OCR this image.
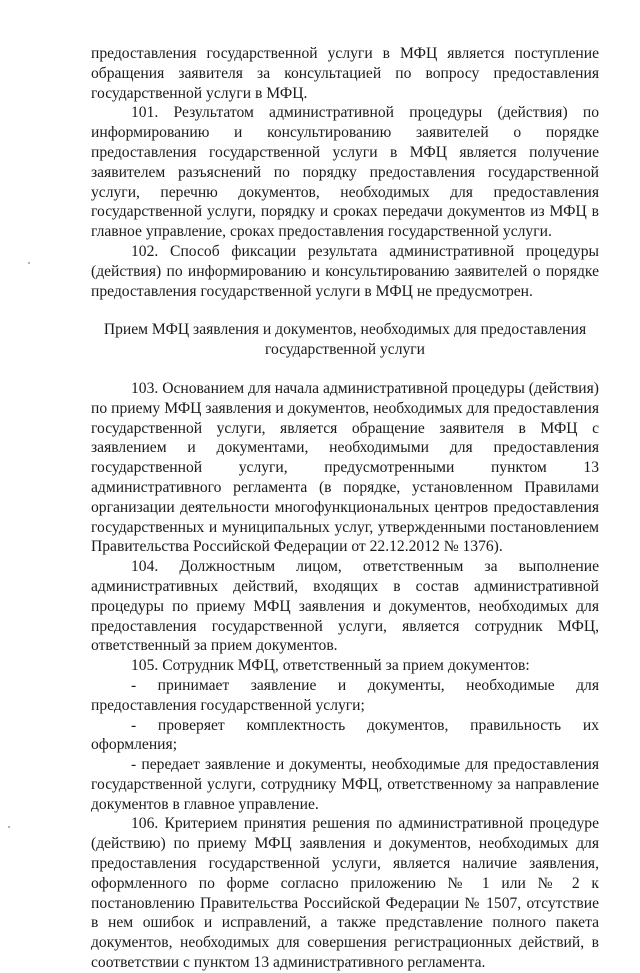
предоставления государственной услуги в МФЦ является поступление обращения заявителя за консультацией по вопросу предоставления государственной услуги в МФЦ.

101. Результатом административной процедуры (действия) по информированию и консультированию заявителей о порядке предоставления государственной услуги в МФЦ является получение заявителем разъяснений по порядку предоставления государственной услуги, перечню документов, необходимых для предоставления государственной услуги, порядку и сроках передачи документов из МФЦ в главное управление, сроках предоставления государственной услуги.

102. Способ фиксации результата административной процедуры (действия) по информированию и консультированию заявителей о порядке предоставления государственной услуги в МФЦ не предусмотрен.

Прием МФЦ заявления и документов, необходимых для предоставления государственной услуги

103. Основанием для начала административной процедуры (действия) по приему МФЦ заявления и документов, необходимых для предоставления государственной услуги, является обращение заявителя в МФЦ с заявлением и документами, необходимыми для предоставления государственной услуги, предусмотренными пунктом 13 административного регламента (в порядке, установленном Правилами организации деятельности многофункциональных центров предоставления государственных и муниципальных услуг, утвержденными постановлением Правительства Российской Федерации от 22.12.2012 № 1376).

104. Должностным лицом, ответственным за выполнение административных действий, входящих в состав административной процедуры по приему МФЦ заявления и документов, необходимых для предоставления государственной услуги, является сотрудник МФЦ, ответственный за прием документов.

105. Сотрудник МФЦ, ответственный за прием документов:

- принимает заявление и документы, необходимые для предоставления государственной услуги;

- проверяет комплектность документов, правильность их оформления;

- передает заявление и документы, необходимые для предоставления государственной услуги, сотруднику МФЦ, ответственному за направление документов в главное управление.

106. Критерием принятия решения по административной процедуре (действию) по приему МФЦ заявления и документов, необходимых для предоставления государственной услуги, является наличие заявления, оформленного по форме согласно приложению № 1 или № 2 к постановлению Правительства Российской Федерации № 1507, отсутствие в нем ошибок и исправлений, а также представление полного пакета документов, необходимых для совершения регистрационных действий, в соответствии с пунктом 13 административного регламента.
